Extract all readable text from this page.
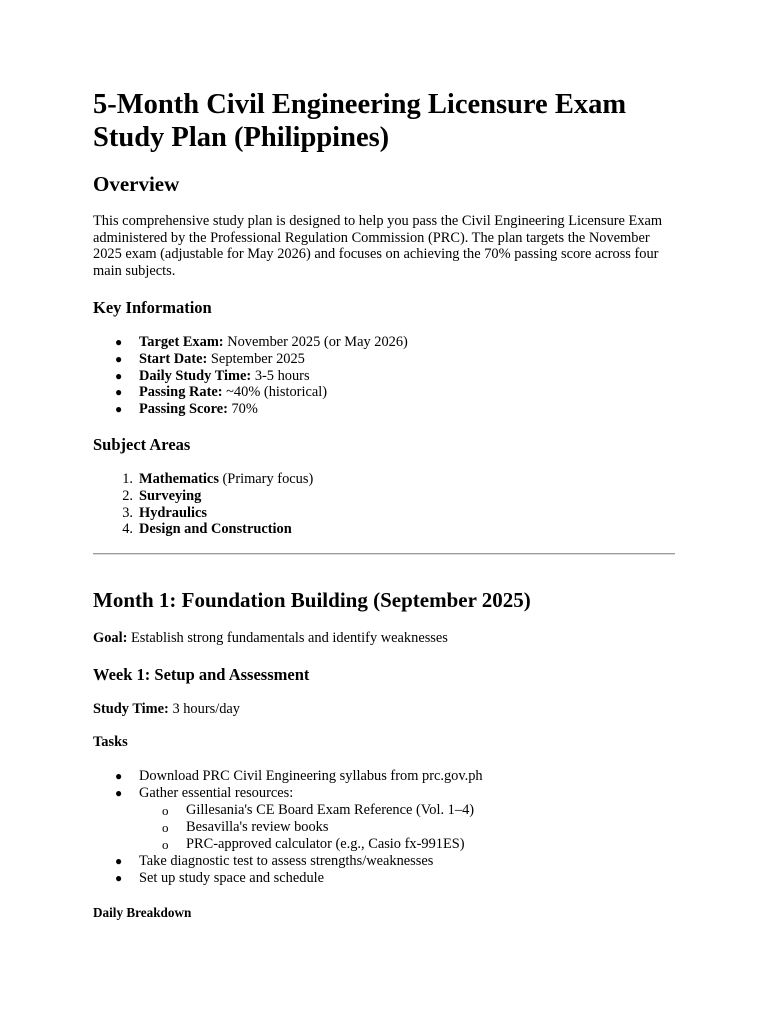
5-Month Civil Engineering Licensure Exam Study Plan (Philippines)
Overview

This comprehensive study plan is designed to help you pass the Civil Engineering Licensure Exam administered by the Professional Regulation Commission (PRC). The plan targets the November 2025 exam (adjustable for May 2026) and focuses on achieving the 70% passing score across four main subjects.

Key Information
● Target Exam: November 2025 (or May 2026)
● Start Date: September 2025
● Daily Study Time: 3-5 hours
● Passing Rate: ~40% (historical)
● Passing Score: 70%
Subject Areas
1. Mathematics (Primary focus)
2. Surveying
3. Hydraulics
4. Design and Construction
Month 1: Foundation Building (September 2025)

Goal: Establish strong fundamentals and identify weaknesses

Week 1: Setup and Assessment

Study Time: 3 hours/day

Tasks
● Download PRC Civil Engineering syllabus from prc.gov.ph
● Gather essential resources:
o Gillesania's CE Board Exam Reference (Vol. 1–4)
o Besavilla's review books
o PRC-approved calculator (e.g., Casio fx-991ES)
● Take diagnostic test to assess strengths/weaknesses
● Set up study space and schedule
Daily Breakdown
